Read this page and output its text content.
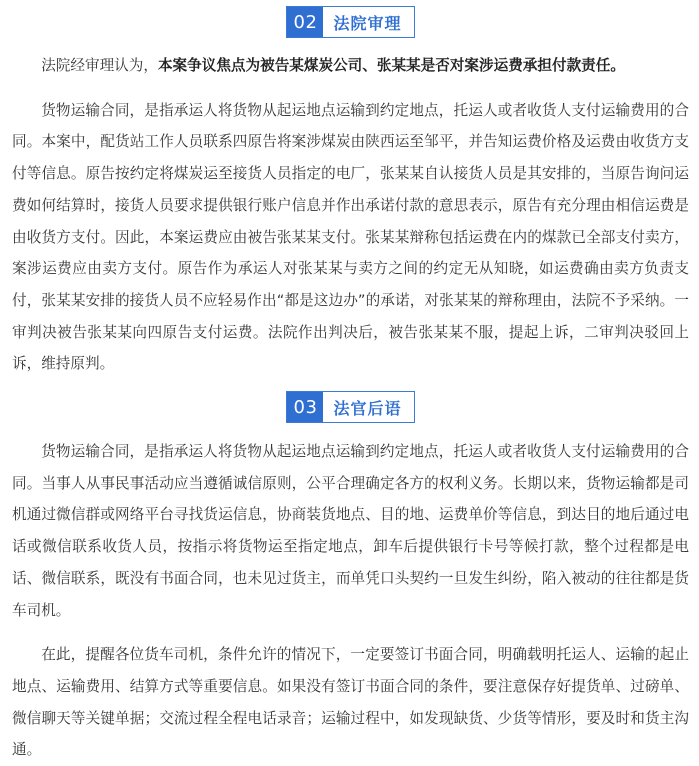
02	法院审理

法院经审理认为，本案争议焦点为被告某煤炭公司、张某某是否对案涉运费承担付款责任。

货物运输合同，是指承运人将货物从起运地点运输到约定地点，托运人或者收货人支付运输费用的合同。本案中，配货站工作人员联系四原告将案涉煤炭由陕西运至邹平，并告知运费价格及运费由收货方支付等信息。原告按约定将煤炭运至接货人员指定的电厂，张某某自认接货人员是其安排的，当原告询问运费如何结算时，接货人员要求提供银行账户信息并作出承诺付款的意思表示，原告有充分理由相信运费是由收货方支付。因此，本案运费应由被告张某某支付。张某某辩称包括运费在内的煤款已全部支付卖方，案涉运费应由卖方支付。原告作为承运人对张某某与卖方之间的约定无从知晓，如运费确由卖方负责支付，张某某安排的接货人员不应轻易作出“都是这边办”的承诺，对张某某的辩称理由，法院不予采纳。一审判决被告张某某向四原告支付运费。法院作出判决后，被告张某某不服，提起上诉，二审判决驳回上诉，维持原判。

03	法官后语

货物运输合同，是指承运人将货物从起运地点运输到约定地点，托运人或者收货人支付运输费用的合同。当事人从事民事活动应当遵循诚信原则，公平合理确定各方的权利义务。长期以来，货物运输都是司机通过微信群或网络平台寻找货运信息，协商装货地点、目的地、运费单价等信息，到达目的地后通过电话或微信联系收货人员，按指示将货物运至指定地点，卸车后提供银行卡号等候打款，整个过程都是电话、微信联系，既没有书面合同，也未见过货主，而单凭口头契约一旦发生纠纷，陷入被动的往往都是货车司机。

在此，提醒各位货车司机，条件允许的情况下，一定要签订书面合同，明确载明托运人、运输的起止地点、运输费用、结算方式等重要信息。如果没有签订书面合同的条件，要注意保存好提货单、过磅单、微信聊天等关键单据；交流过程全程电话录音；运输过程中，如发现缺货、少货等情形，要及时和货主沟通。
